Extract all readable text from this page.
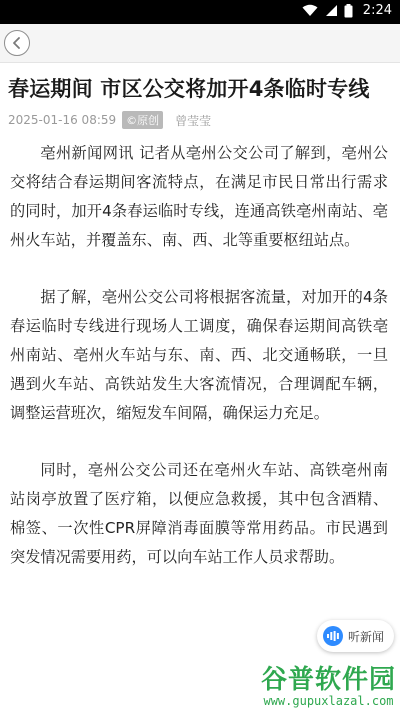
2:24
春运期间 市区公交将加开4条临时专线
2025-01-16 08:59 ©原创	曾莹莹

亳州新闻网讯 记者从亳州公交公司了解到，亳州公交将结合春运期间客流特点，在满足市民日常出行需求的同时，加开4条春运临时专线，连通高铁亳州南站、亳州火车站，并覆盖东、南、西、北等重要枢纽站点。

据了解，亳州公交公司将根据客流量，对加开的4条春运临时专线进行现场人工调度，确保春运期间高铁亳州南站、亳州火车站与东、南、西、北交通畅联，一旦遇到火车站、高铁站发生大客流情况，合理调配车辆，调整运营班次，缩短发车间隔，确保运力充足。

同时，亳州公交公司还在亳州火车站、高铁亳州南站岗亭放置了医疗箱，以便应急救援，其中包含酒精、棉签、一次性CPR屏障消毒面膜等常用药品。市民遇到突发情况需要用药，可以向车站工作人员求帮助。

听新闻
谷普软件园
www.gupuxlazal.com
